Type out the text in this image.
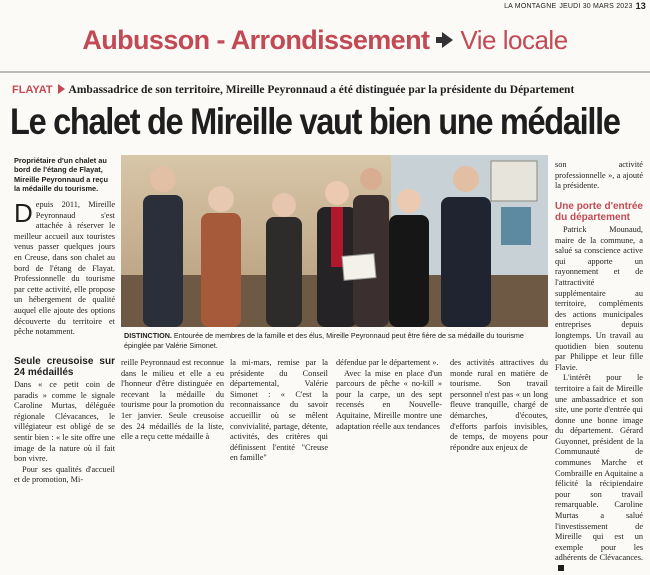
LA MONTAGNE JEUDI 30 MARS 2023 13
Aubusson - Arrondissement Vie locale
FLAYAT Ambassadrice de son territoire, Mireille Peyronnaud a été distinguée par la présidente du Département
Le chalet de Mireille vaut bien une médaille

Propriétaire d'un chalet au bord de l'étang de Flayat, Mireille Peyronnaud a reçu la médaille du tourisme.

Depuis 2011, Mireille Peyronnaud s'est attachée à réserver le meilleur accueil aux touristes venus passer quelques jours en Creuse, dans son chalet au bord de l'étang de Flayat. Professionnelle du tourisme par cette activité, elle propose un hébergement de qualité auquel elle ajoute des options découverte du territoire et pêche notamment.
Seule creusoise sur 24 médaillés

Dans « ce petit coin de paradis » comme le signale Caroline Murtas, déléguée régionale Clévacances, le villégiateur est obligé de se sentir bien : « le site offre une image de la nature où il fait bon vivre.

Pour ses qualités d'accueil et de promotion, Mi-

DISTINCTION. Entourée de membres de la famille et des élus, Mireille Peyronnaud peut être fière de sa médaille du tourisme épinglée par Valérie Simonet.

reille Peyronnaud est reconnue dans le milieu et elle a eu l'honneur d'être distinguée en recevant la médaille du tourisme pour la promotion du 1er janvier. Seule creusoise des 24 médaillés de la liste, elle a reçu cette médaille à

la mi-mars, remise par la présidente du Conseil départemental, Valérie Simonet : « C'est la reconnaissance du savoir accueillir où se mêlent convivialité, partage, détente, activités, des critères qui définissent l'entité "Creuse en famille"

défendue par le département ».

Avec la mise en place d'un parcours de pêche « no-kill » pour la carpe, un des sept recensés en Nouvelle-Aquitaine, Mireille montre une adaptation réelle aux tendances

des activités attractives du monde rural en matière de tourisme. Son travail personnel n'est pas « un long fleuve tranquille, chargé de démarches, d'écoutes, d'efforts parfois invisibles, de temps, de moyens pour répondre aux enjeux de

son activité professionnelle », a ajouté la présidente.

Une porte d'entrée du département

Patrick Mounaud, maire de la commune, a salué sa conscience active qui apporte un rayonnement et de l'attractivité supplémentaire au territoire, compléments des actions municipales entreprises depuis longtemps. Un travail au quotidien bien soutenu par Philippe et leur fille Flavie.

L'intérêt pour le territoire a fait de Mireille une ambassadrice et son site, une porte d'entrée qui donne une bonne image du département. Gérard Guyonnet, président de la Communauté de communes Marche et Combraille en Aquitaine a félicité la récipiendaire pour son travail remarquable. Caroline Murtas a salué l'investissement de Mireille qui est un exemple pour les adhérents de Clévacances.
